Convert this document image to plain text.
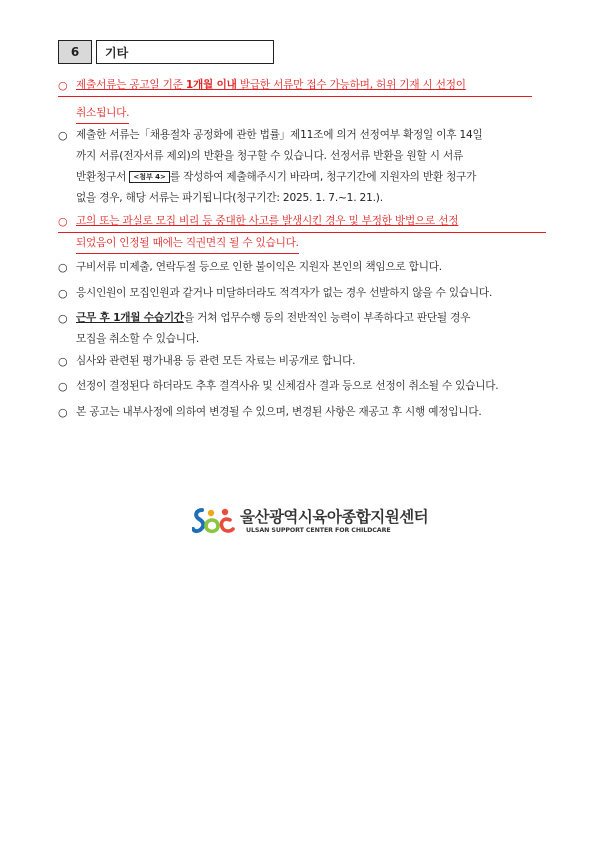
6	기타
○ 제출서류는 공고일 기준 1개월 이내 발급한 서류만 접수 가능하며, 허위 기재 시 선정이
취소됩니다.
○ 제출한 서류는「채용절차 공정화에 관한 법률」제11조에 의거 선정여부 확정일 이후 14일
까지 서류(전자서류 제외)의 반환을 청구할 수 있습니다. 선정서류 반환을 원할 시 서류
반환청구서 <첨부 4> 를 작성하여 제출해주시기 바라며, 청구기간에 지원자의 반환 청구가
없을 경우, 해당 서류는 파기됩니다(청구기간: 2025. 1. 7.~1. 21.).
○ 고의 또는 과실로 모집 비리 등 중대한 사고를 발생시킨 경우 및 부정한 방법으로 선정
되었음이 인정될 때에는 직권면직 될 수 있습니다.
○ 구비서류 미제출, 연락두절 등으로 인한 불이익은 지원자 본인의 책임으로 합니다.
○ 응시인원이 모집인원과 같거나 미달하더라도 적격자가 없는 경우 선발하지 않을 수 있습니다.
○ 근무 후 1개월 수습기간을 거쳐 업무수행 등의 전반적인 능력이 부족하다고 판단될 경우
모집을 취소할 수 있습니다.
○ 심사와 관련된 평가내용 등 관련 모든 자료는 비공개로 합니다.
○ 선정이 결정된다 하더라도 추후 결격사유 및 신체검사 결과 등으로 선정이 취소될 수 있습니다.
○ 본 공고는 내부사정에 의하여 변경될 수 있으며, 변경된 사항은 재공고 후 시행 예정입니다.
울산광역시육아종합지원센터
ULSAN SUPPORT CENTER FOR CHILDCARE
